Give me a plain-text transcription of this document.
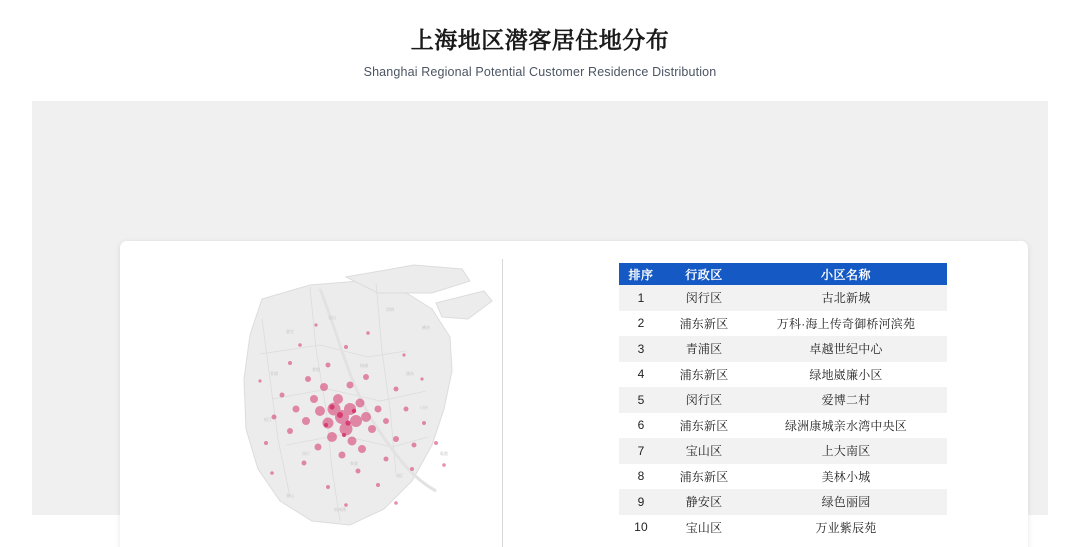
上海地区潜客居住地分布
Shanghai Regional Potential Customer Residence Distribution
嘉定
宝山
崇明
横沙
青浦
普陀
杨浦
浦东
松江
闵行
奉贤
南汇
金山
杭州湾
川沙
临港
排序	行政区	小区名称
1	闵行区	古北新城
2	浦东新区	万科·海上传奇御桥河滨苑
3	青浦区	卓越世纪中心
4	浦东新区	绿地崴廉小区
5	闵行区	爱博二村
6	浦东新区	绿洲康城亲水湾中央区
7	宝山区	上大南区
8	浦东新区	美林小城
9	静安区	绿色丽园
10	宝山区	万业紫辰苑
